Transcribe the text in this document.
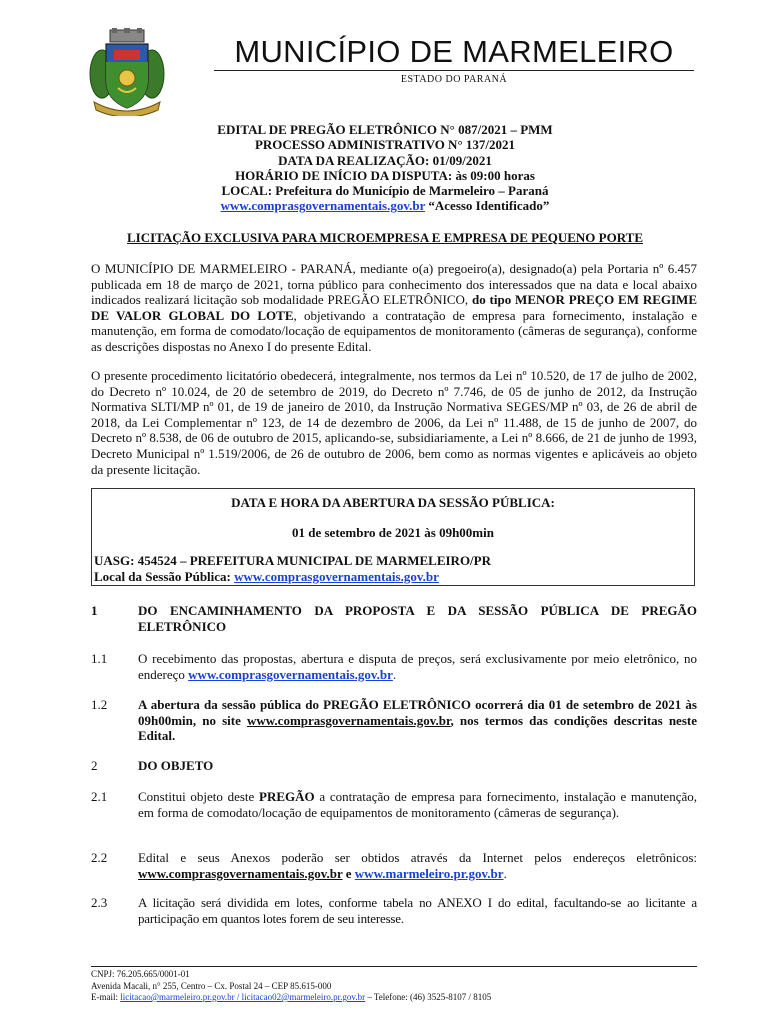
MUNICÍPIO DE MARMELEIRO
ESTADO DO PARANÁ
EDITAL DE PREGÃO ELETRÔNICO N° 087/2021 – PMM
PROCESSO ADMINISTRATIVO N° 137/2021
DATA DA REALIZAÇÃO: 01/09/2021
HORÁRIO DE INÍCIO DA DISPUTA: às 09:00 horas
LOCAL: Prefeitura do Município de Marmeleiro – Paraná
www.comprasgovernamentais.gov.br “Acesso Identificado”
LICITAÇÃO EXCLUSIVA PARA MICROEMPRESA E EMPRESA DE PEQUENO PORTE
O MUNICÍPIO DE MARMELEIRO - PARANÁ, mediante o(a) pregoeiro(a), designado(a) pela Portaria nº 6.457 publicada em 18 de março de 2021, torna público para conhecimento dos interessados que na data e local abaixo indicados realizará licitação sob modalidade PREGÃO ELETRÔNICO, do tipo MENOR PREÇO EM REGIME DE VALOR GLOBAL DO LOTE, objetivando a contratação de empresa para fornecimento, instalação e manutenção, em forma de comodato/locação de equipamentos de monitoramento (câmeras de segurança), conforme as descrições dispostas no Anexo I do presente Edital.
O presente procedimento licitatório obedecerá, integralmente, nos termos da Lei nº 10.520, de 17 de julho de 2002, do Decreto nº 10.024, de 20 de setembro de 2019, do Decreto nº 7.746, de 05 de junho de 2012, da Instrução Normativa SLTI/MP nº 01, de 19 de janeiro de 2010, da Instrução Normativa SEGES/MP nº 03, de 26 de abril de 2018, da Lei Complementar nº 123, de 14 de dezembro de 2006, da Lei nº 11.488, de 15 de junho de 2007, do Decreto nº 8.538, de 06 de outubro de 2015, aplicando-se, subsidiariamente, a Lei nº 8.666, de 21 de junho de 1993, Decreto Municipal nº 1.519/2006, de 26 de outubro de 2006, bem como as normas vigentes e aplicáveis ao objeto da presente licitação.
DATA E HORA DA ABERTURA DA SESSÃO PÚBLICA:
01 de setembro de 2021 às 09h00min
UASG: 454524 – PREFEITURA MUNICIPAL DE MARMELEIRO/PR
Local da Sessão Pública: www.comprasgovernamentais.gov.br
1	DO ENCAMINHAMENTO DA PROPOSTA E DA SESSÃO PÚBLICA DE PREGÃO ELETRÔNICO
1.1	O recebimento das propostas, abertura e disputa de preços, será exclusivamente por meio eletrônico, no endereço www.comprasgovernamentais.gov.br.
1.2	A abertura da sessão pública do PREGÃO ELETRÔNICO ocorrerá dia 01 de setembro de 2021 às 09h00min, no site www.comprasgovernamentais.gov.br, nos termos das condições descritas neste Edital.
2	DO OBJETO
2.1	Constitui objeto deste PREGÃO a contratação de empresa para fornecimento, instalação e manutenção, em forma de comodato/locação de equipamentos de monitoramento (câmeras de segurança).
2.2	Edital e seus Anexos poderão ser obtidos através da Internet pelos endereços eletrônicos: www.comprasgovernamentais.gov.br e www.marmeleiro.pr.gov.br.
2.3	A licitação será dividida em lotes, conforme tabela no ANEXO I do edital, facultando-se ao licitante a participação em quantos lotes forem de seu interesse.
CNPJ: 76.205.665/0001-01
Avenida Macali, n° 255, Centro – Cx. Postal 24 – CEP 85.615-000
E-mail: licitacao@marmeleiro.pr.gov.br / licitacao02@marmeleiro.pr.gov.br – Telefone: (46) 3525-8107 / 8105
